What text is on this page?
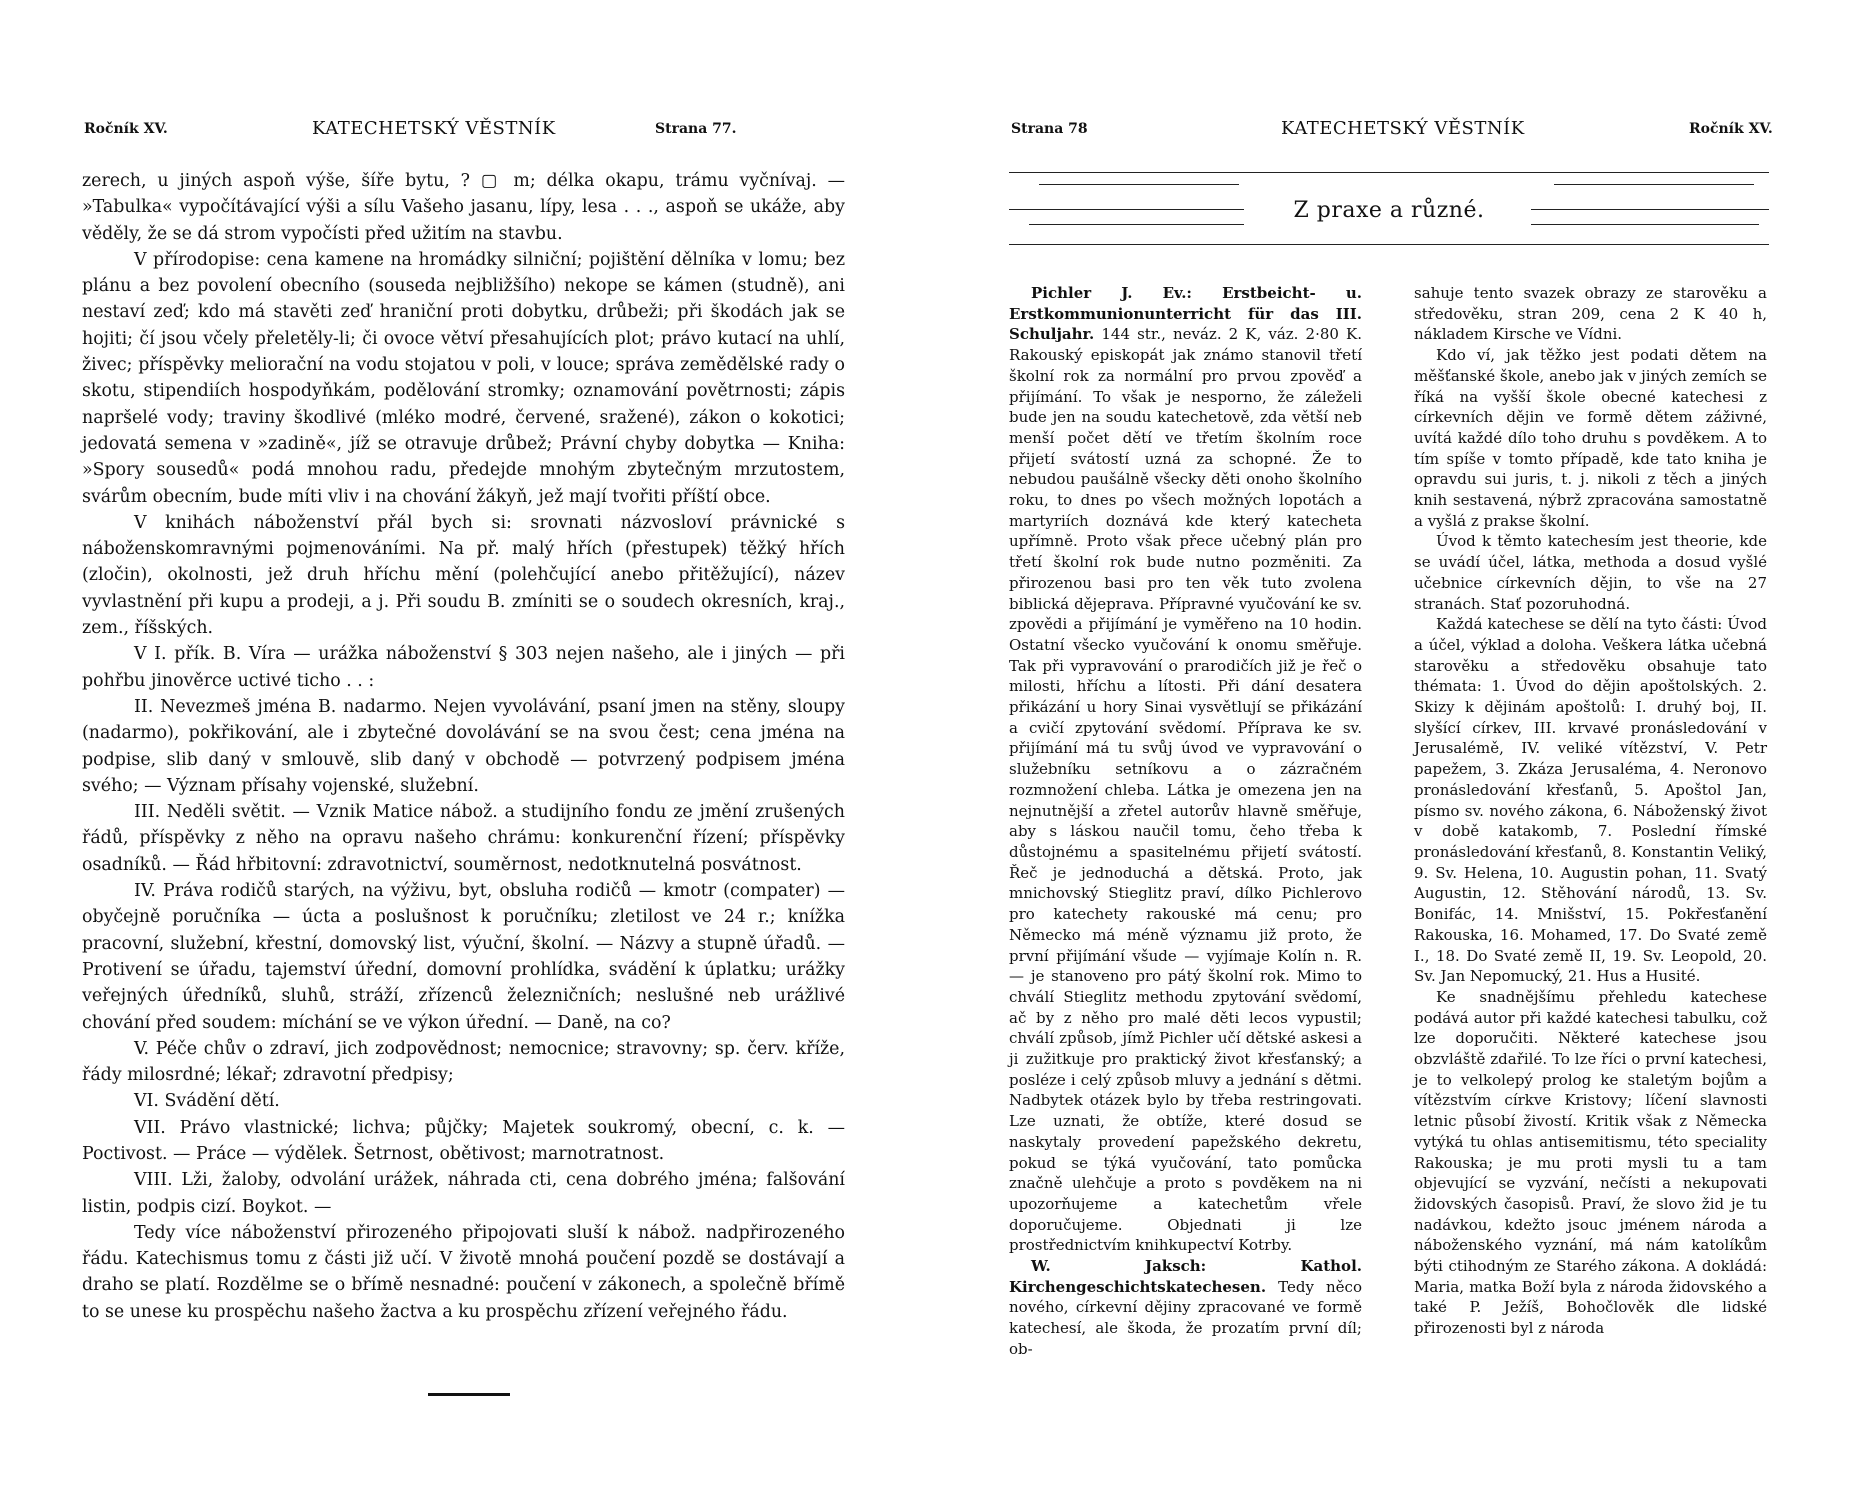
Ročník XV.	KATECHETSKÝ VĚSTNÍK	Strana 77.

zerech, u jiných aspoň výše, šíře bytu, ? ▢ m; délka okapu, trámu vyčnívaj. — »Tabulka« vypočítávající výši a sílu Vašeho jasanu, lípy, lesa . . ., aspoň se ukáže, aby věděly, že se dá strom vypočísti před užitím na stavbu.

V přírodopise: cena kamene na hromádky silniční; pojištění dělníka v lomu; bez plánu a bez povolení obecního (souseda nejbližšího) nekope se kámen (studně), ani nestaví zeď; kdo má stavěti zeď hraniční proti dobytku, drůbeži; při škodách jak se hojiti; čí jsou včely přeletěly-li; či ovoce větví přesahujících plot; právo kutací na uhlí, živec; příspěvky meliorační na vodu stojatou v poli, v louce; správa zemědělské rady o skotu, stipendiích hospodyňkám, podělování stromky; oznamování povětrnosti; zápis napršelé vody; traviny škodlivé (mléko modré, červené, sražené), zákon o kokotici; jedovatá semena v »zadině«, jíž se otravuje drůbež; Právní chyby dobytka — Kniha: »Spory sousedů« podá mnohou radu, předejde mnohým zbytečným mrzutostem, svárům obecním, bude míti vliv i na chování žákyň, jež mají tvořiti příští obce.

V knihách náboženství přál bych si: srovnati názvosloví právnické s náboženskomravnými pojmenováními. Na př. malý hřích (přestupek) těžký hřích (zločin), okolnosti, jež druh hříchu mění (polehčující anebo přitěžující), název vyvlastnění při kupu a prodeji, a j. Při soudu B. zmíniti se o soudech okresních, kraj., zem., říšských.

V I. přík. B. Víra — urážka náboženství § 303 nejen našeho, ale i jiných — při pohřbu jinověrce uctivé ticho . . :

II. Nevezmeš jména B. nadarmo. Nejen vyvolávání, psaní jmen na stěny, sloupy (nadarmo), pokřikování, ale i zbytečné dovolávání se na svou čest; cena jména na podpise, slib daný v smlouvě, slib daný v obchodě — potvrzený podpisem jména svého; — Význam přísahy vojenské, služební.

III. Neděli světit. — Vznik Matice nábož. a studijního fondu ze jmění zrušených řádů, příspěvky z něho na opravu našeho chrámu: konkurenční řízení; příspěvky osadníků. — Řád hřbitovní: zdravotnictví, souměrnost, nedotknutelná posvátnost.

IV. Práva rodičů starých, na výživu, byt, obsluha rodičů — kmotr (compater) — obyčejně poručníka — úcta a poslušnost k poručníku; zletilost ve 24 r.; knížka pracovní, služební, křestní, domovský list, výuční, školní. — Názvy a stupně úřadů. — Protivení se úřadu, tajemství úřední, domovní prohlídka, svádění k úplatku; urážky veřejných úředníků, sluhů, stráží, zřízenců železničních; neslušné neb urážlivé chování před soudem: míchání se ve výkon úřední. — Daně, na co?

V. Péče chův o zdraví, jich zodpovědnost; nemocnice; stravovny; sp. červ. kříže, řády milosrdné; lékař; zdravotní předpisy;

VI. Svádění dětí.

VII. Právo vlastnické; lichva; půjčky; Majetek soukromý, obecní, c. k. — Poctivost. — Práce — výdělek. Šetrnost, obětivost; marnotratnost.

VIII. Lži, žaloby, odvolání urážek, náhrada cti, cena dobrého jména; falšování listin, podpis cizí. Boykot. —

Tedy více náboženství přirozeného připojovati sluší k nábož. nadpřirozeného řádu. Katechismus tomu z části již učí. V životě mnohá poučení pozdě se dostávají a draho se platí. Rozdělme se o břímě nesnadné: poučení v zákonech, a společně břímě to se unese ku prospěchu našeho žactva a ku prospěchu zřízení veřejného řádu.

Strana 78	KATECHETSKÝ VĚSTNÍK	Ročník XV.
Z praxe a různé.

Pichler J. Ev.: Erstbeicht- u. Erstkommunionunterricht für das III. Schuljahr. 144 str., neváz. 2 K, váz. 2·80 K. Rakouský episkopát jak známo stanovil třetí školní rok za normální pro prvou zpověď a přijímání. To však je nesporno, že záleželi bude jen na soudu katechetově, zda větší neb menší počet dětí ve třetím školním roce přijetí svátostí uzná za schopné. Že to nebudou paušálně všecky děti onoho školního roku, to dnes po všech možných lopotách a martyriích doznává kde který katecheta upřímně. Proto však přece učebný plán pro třetí školní rok bude nutno pozměniti. Za přirozenou basi pro ten věk tuto zvolena biblická dějeprava. Přípravné vyučování ke sv. zpovědi a přijímání je vyměřeno na 10 hodin. Ostatní všecko vyučování k onomu směřuje. Tak při vypravování o prarodičích již je řeč o milosti, hříchu a lítosti. Při dání desatera přikázání u hory Sinai vysvětlují se přikázání a cvičí zpytování svědomí. Příprava ke sv. přijímání má tu svůj úvod ve vypravování o služebníku setníkovu a o zázračném rozmnožení chleba. Látka je omezena jen na nejnutnější a zřetel autorův hlavně směřuje, aby s láskou naučil tomu, čeho třeba k důstojnému a spasitelnému přijetí svátostí. Řeč je jednoduchá a dětská. Proto, jak mnichovský Stieglitz praví, dílko Pichlerovo pro katechety rakouské má cenu; pro Německo má méně významu již proto, že první přijímání všude — vyjímaje Kolín n. R. — je stanoveno pro pátý školní rok. Mimo to chválí Stieglitz methodu zpytování svědomí, ač by z něho pro malé děti lecos vypustil; chválí způsob, jímž Pichler učí dětské askesi a ji zužitkuje pro praktický život křesťanský; a posléze i celý způsob mluvy a jednání s dětmi. Nadbytek otázek bylo by třeba restringovati. Lze uznati, že obtíže, které dosud se naskytaly provedení papežského dekretu, pokud se týká vyučování, tato pomůcka značně ulehčuje a proto s povděkem na ni upozorňujeme a katechetům vřele doporučujeme. Objednati ji lze prostřednictvím knihkupectví Kotrby.

W. Jaksch: Kathol. Kirchengeschichtskatechesen. Tedy něco nového, církevní dějiny zpracované ve formě katechesí, ale škoda, že prozatím první díl; ob-

sahuje tento svazek obrazy ze starověku a středověku, stran 209, cena 2 K 40 h, nákladem Kirsche ve Vídni.

Kdo ví, jak těžko jest podati dětem na měšťanské škole, anebo jak v jiných zemích se říká na vyšší škole obecné katechesi z církevních dějin ve formě dětem záživné, uvítá každé dílo toho druhu s povděkem. A to tím spíše v tomto případě, kde tato kniha je opravdu sui juris, t. j. nikoli z těch a jiných knih sestavená, nýbrž zpracována samostatně a vyšlá z prakse školní.

Úvod k těmto katechesím jest theorie, kde se uvádí účel, látka, methoda a dosud vyšlé učebnice církevních dějin, to vše na 27 stranách. Stať pozoruhodná.

Každá katechese se dělí na tyto části: Úvod a účel, výklad a doloha. Veškera látka učebná starověku a středověku obsahuje tato thémata: 1. Úvod do dějin apoštolských. 2. Skizy k dějinám apoštolů: I. druhý boj, II. slyšící církev, III. krvavé pronásledování v Jerusalémě, IV. veliké vítězství, V. Petr papežem, 3. Zkáza Jerusaléma, 4. Neronovo pronásledování křesťanů, 5. Apoštol Jan, písmo sv. nového zákona, 6. Náboženský život v době katakomb, 7. Poslední římské pronásledování křesťanů, 8. Konstantin Veliký, 9. Sv. Helena, 10. Augustin pohan, 11. Svatý Augustin, 12. Stěhování národů, 13. Sv. Bonifác, 14. Mnišství, 15. Pokřesťanění Rakouska, 16. Mohamed, 17. Do Svaté země I., 18. Do Svaté země II, 19. Sv. Leopold, 20. Sv. Jan Nepomucký, 21. Hus a Husité.

Ke snadnějšímu přehledu katechese podává autor při každé katechesi tabulku, což lze doporučiti. Některé katechese jsou obzvláště zdařilé. To lze říci o první katechesi, je to velkolepý prolog ke staletým bojům a vítězstvím církve Kristovy; líčení slavnosti letnic působí živostí. Kritik však z Německa vytýká tu ohlas antisemitismu, této speciality Rakouska; je mu proti mysli tu a tam objevující se vyzvání, nečísti a nekupovati židovských časopisů. Praví, že slovo žid je tu nadávkou, kdežto jsouc jménem národa a náboženského vyznání, má nám katolíkům býti ctihodným ze Starého zákona. A dokládá: Maria, matka Boží byla z národa židovského a také P. Ježíš, Bohočlověk dle lidské přirozenosti byl z národa
